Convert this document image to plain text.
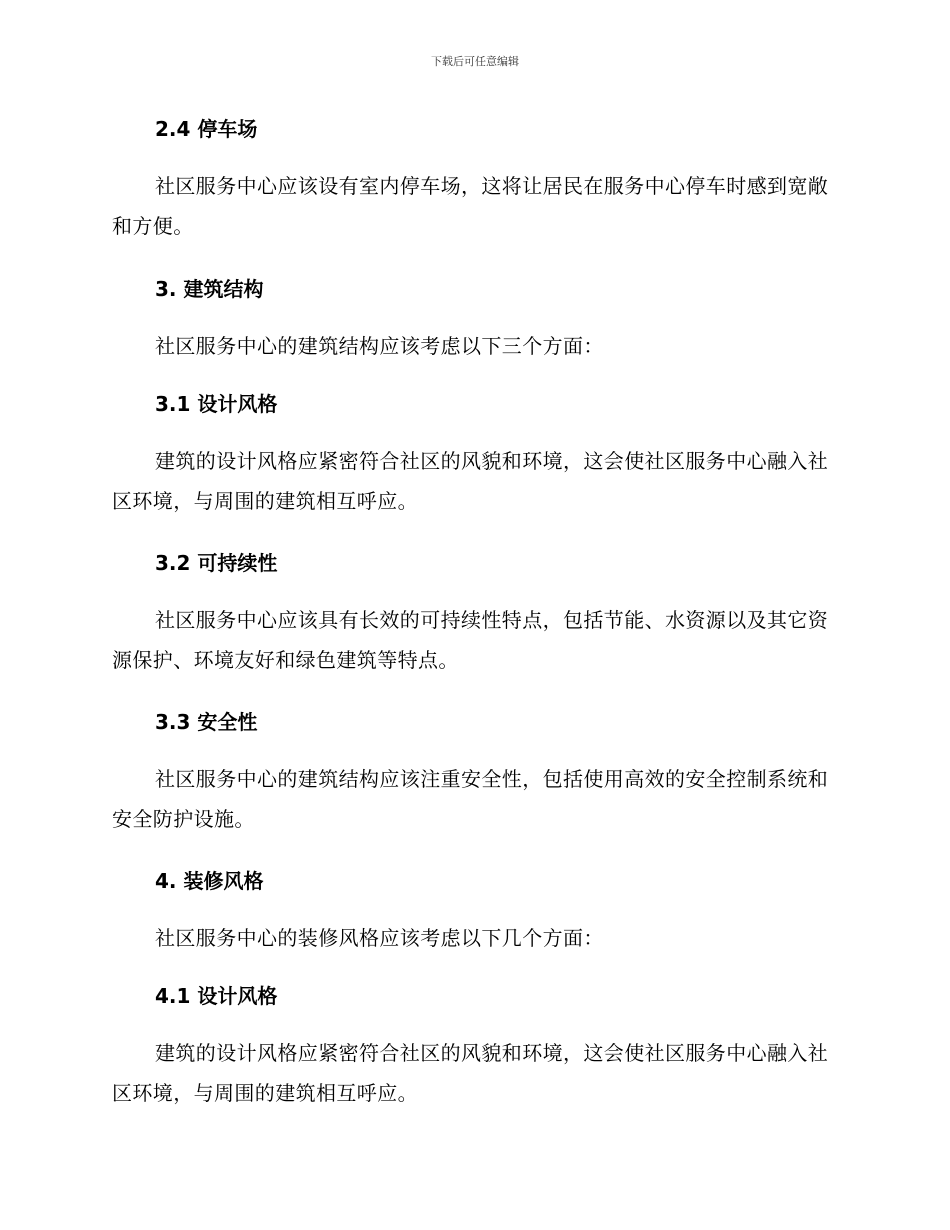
下载后可任意编辑
2.4 停车场
社区服务中心应该设有室内停车场，这将让居民在服务中心停车时感到宽敞和方便。
3. 建筑结构
社区服务中心的建筑结构应该考虑以下三个方面：
3.1 设计风格
建筑的设计风格应紧密符合社区的风貌和环境，这会使社区服务中心融入社区环境，与周围的建筑相互呼应。
3.2 可持续性
社区服务中心应该具有长效的可持续性特点，包括节能、水资源以及其它资源保护、环境友好和绿色建筑等特点。
3.3 安全性
社区服务中心的建筑结构应该注重安全性，包括使用高效的安全控制系统和安全防护设施。
4. 装修风格
社区服务中心的装修风格应该考虑以下几个方面：
4.1 设计风格
建筑的设计风格应紧密符合社区的风貌和环境，这会使社区服务中心融入社区环境，与周围的建筑相互呼应。
